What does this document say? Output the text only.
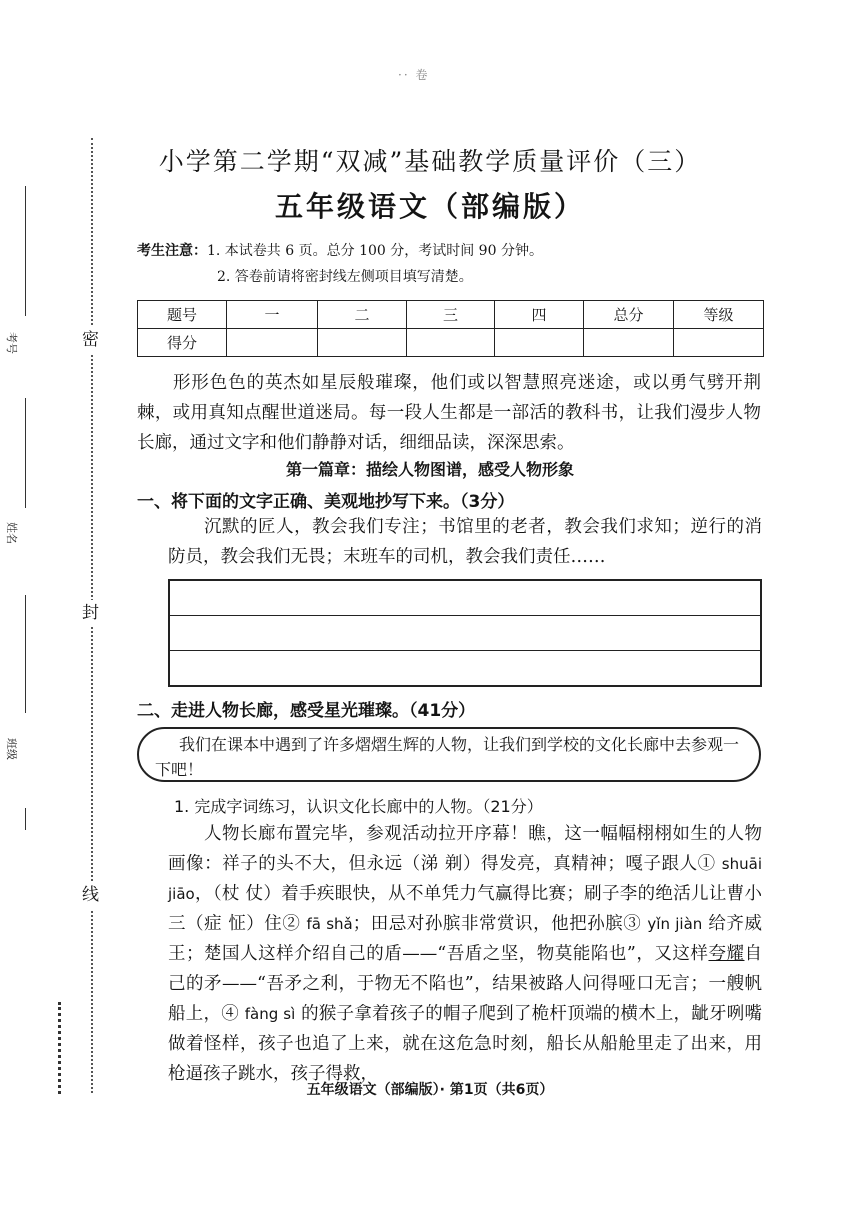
密
封
线
考号
姓名
班级
·· 卷
小学第二学期“双减”基础教学质量评价（三）
五年级语文（部编版）
考生注意：1. 本试卷共 6 页。总分 100 分，考试时间 90 分钟。
2. 答卷前请将密封线左侧项目填写清楚。
题号	一	二	三	四	总分	等级
得分						
形形色色的英杰如星辰般璀璨，他们或以智慧照亮迷途，或以勇气劈开荆棘，或用真知点醒世道迷局。每一段人生都是一部活的教科书，让我们漫步人物长廊，通过文字和他们静静对话，细细品读，深深思索。
第一篇章：描绘人物图谱，感受人物形象
一、将下面的文字正确、美观地抄写下来。（3分）
沉默的匠人，教会我们专注；书馆里的老者，教会我们求知；逆行的消防员，教会我们无畏；末班车的司机，教会我们责任……
二、走进人物长廊，感受星光璀璨。（41分）
我们在课本中遇到了许多熠熠生辉的人物，让我们到学校的文化长廊中去参观一下吧！
1. 完成字词练习，认识文化长廊中的人物。（21分）
人物长廊布置完毕，参观活动拉开序幕！瞧，这一幅幅栩栩如生的人物画像：祥子的头不大，但永远（涕 剃）得发亮，真精神；嘎子跟人① shuāi jiāo，（杖 仗）着手疾眼快，从不单凭力气赢得比赛；刷子李的绝活儿让曹小三（症 怔）住② fā shǎ；田忌对孙膑非常赏识，他把孙膑③ yǐn jiàn 给齐威王；楚国人这样介绍自己的盾——“吾盾之坚，物莫能陷也”，又这样夸耀自己的矛——“吾矛之利，于物无不陷也”，结果被路人问得哑口无言；一艘帆船上，④ fàng sì 的猴子拿着孩子的帽子爬到了桅杆顶端的横木上，龇牙咧嘴做着怪样，孩子也追了上来，就在这危急时刻，船长从船舱里走了出来，用枪逼孩子跳水，孩子得救，
五年级语文（部编版）· 第1页（共6页）
